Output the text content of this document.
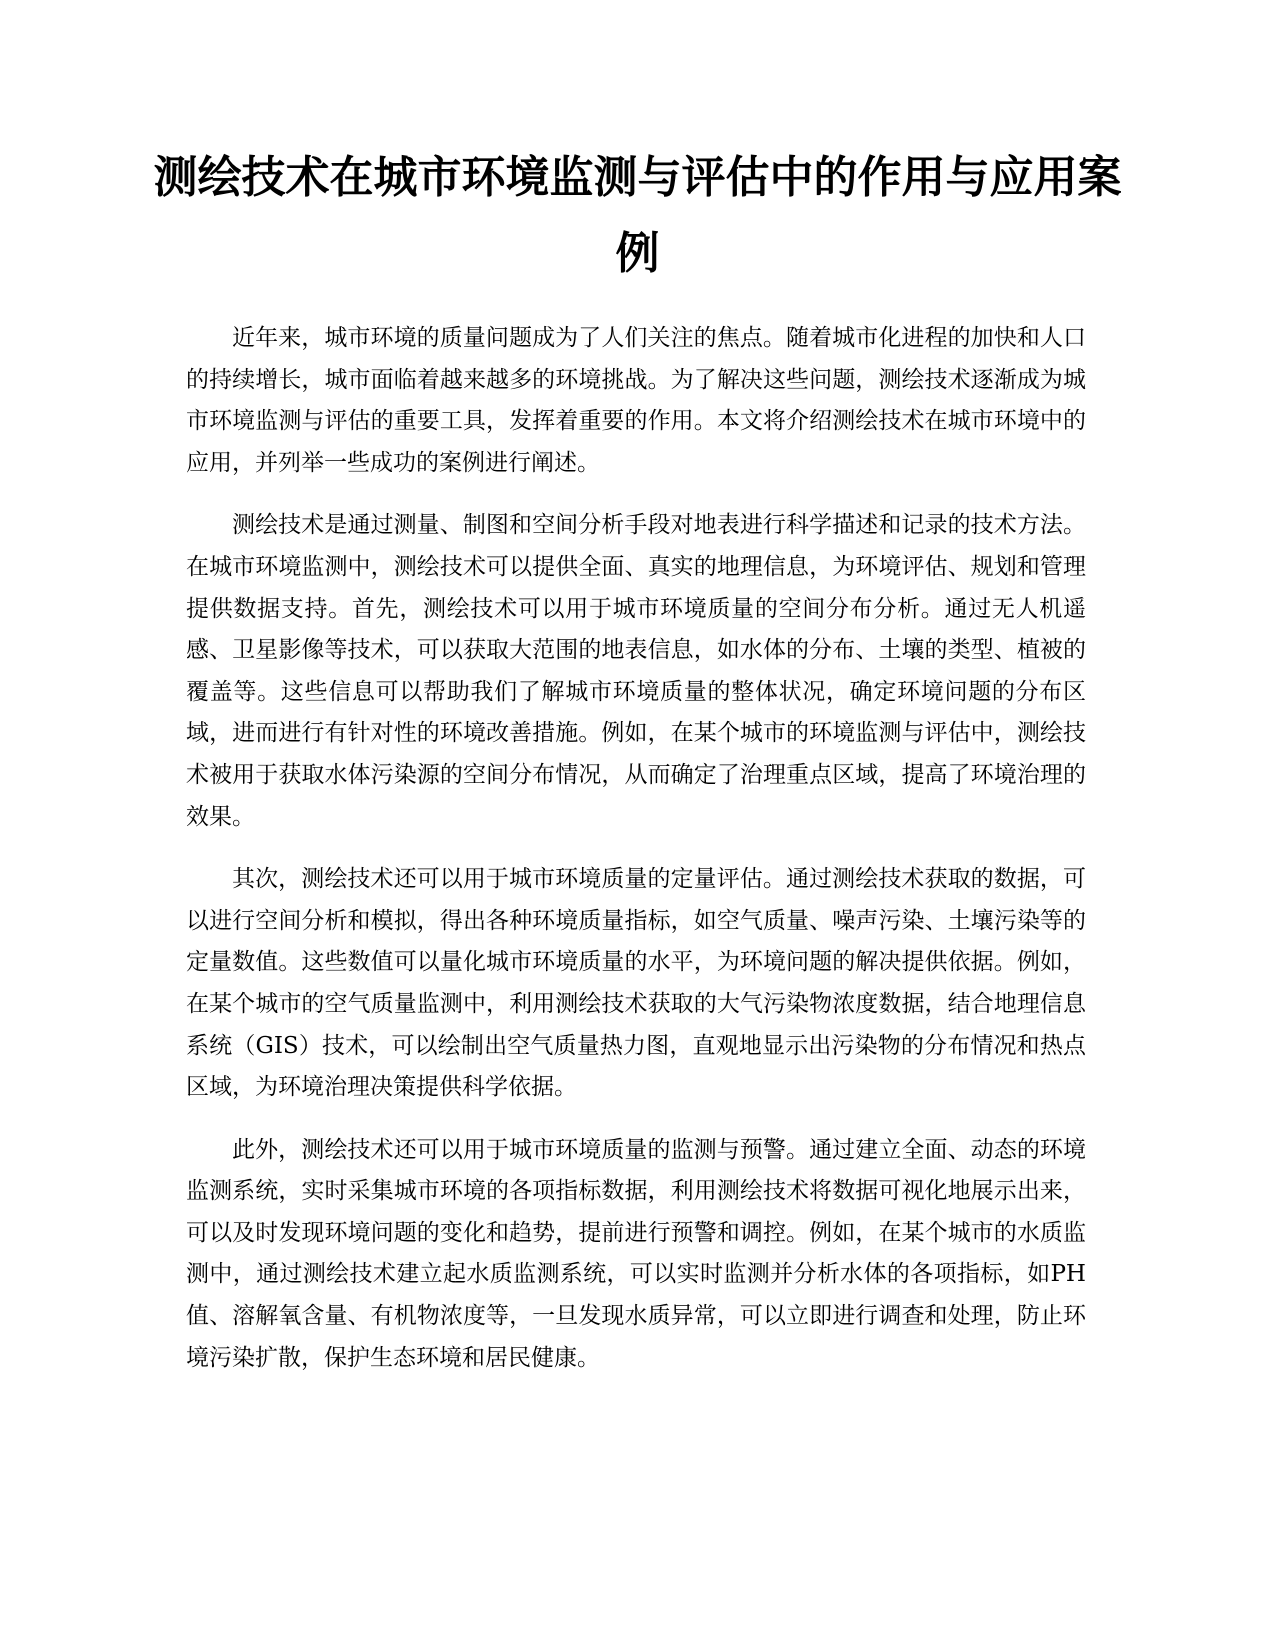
测绘技术在城市环境监测与评估中的作用与应用案例

近年来，城市环境的质量问题成为了人们关注的焦点。随着城市化进程的加快和人口的持续增长，城市面临着越来越多的环境挑战。为了解决这些问题，测绘技术逐渐成为城市环境监测与评估的重要工具，发挥着重要的作用。本文将介绍测绘技术在城市环境中的应用，并列举一些成功的案例进行阐述。

测绘技术是通过测量、制图和空间分析手段对地表进行科学描述和记录的技术方法。在城市环境监测中，测绘技术可以提供全面、真实的地理信息，为环境评估、规划和管理提供数据支持。首先，测绘技术可以用于城市环境质量的空间分布分析。通过无人机遥感、卫星影像等技术，可以获取大范围的地表信息，如水体的分布、土壤的类型、植被的覆盖等。这些信息可以帮助我们了解城市环境质量的整体状况，确定环境问题的分布区域，进而进行有针对性的环境改善措施。例如，在某个城市的环境监测与评估中，测绘技术被用于获取水体污染源的空间分布情况，从而确定了治理重点区域，提高了环境治理的效果。

其次，测绘技术还可以用于城市环境质量的定量评估。通过测绘技术获取的数据，可以进行空间分析和模拟，得出各种环境质量指标，如空气质量、噪声污染、土壤污染等的定量数值。这些数值可以量化城市环境质量的水平，为环境问题的解决提供依据。例如，在某个城市的空气质量监测中，利用测绘技术获取的大气污染物浓度数据，结合地理信息系统（GIS）技术，可以绘制出空气质量热力图，直观地显示出污染物的分布情况和热点区域，为环境治理决策提供科学依据。

此外，测绘技术还可以用于城市环境质量的监测与预警。通过建立全面、动态的环境监测系统，实时采集城市环境的各项指标数据，利用测绘技术将数据可视化地展示出来，可以及时发现环境问题的变化和趋势，提前进行预警和调控。例如，在某个城市的水质监测中，通过测绘技术建立起水质监测系统，可以实时监测并分析水体的各项指标，如PH值、溶解氧含量、有机物浓度等，一旦发现水质异常，可以立即进行调查和处理，防止环境污染扩散，保护生态环境和居民健康。
